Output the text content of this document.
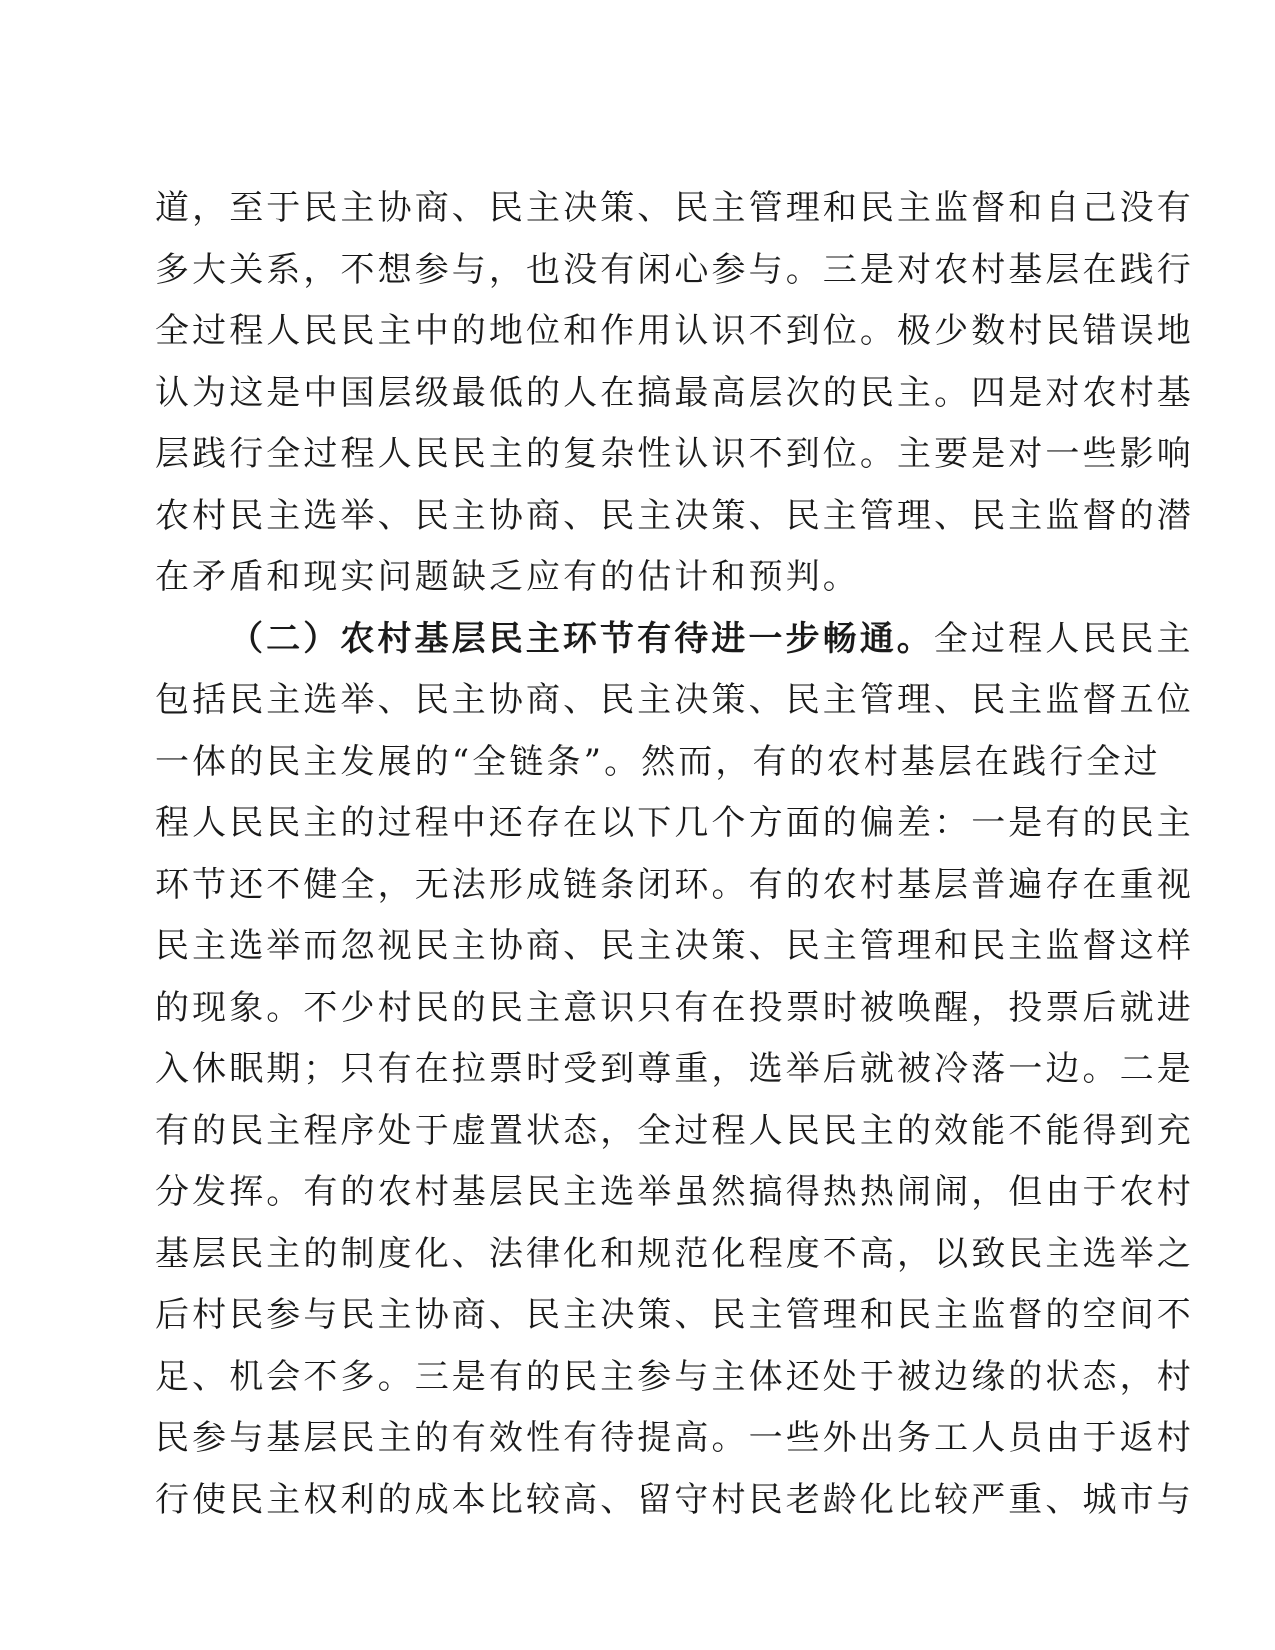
道，至于民主协商、民主决策、民主管理和民主监督和自己没有
多大关系，不想参与，也没有闲心参与。三是对农村基层在践行
全过程人民民主中的地位和作用认识不到位。极少数村民错误地
认为这是中国层级最低的人在搞最高层次的民主。四是对农村基
层践行全过程人民民主的复杂性认识不到位。主要是对一些影响
农村民主选举、民主协商、民主决策、民主管理、民主监督的潜
在矛盾和现实问题缺乏应有的估计和预判。
（二）农村基层民主环节有待进一步畅通。全过程人民民主
包括民主选举、民主协商、民主决策、民主管理、民主监督五位
一体的民主发展的“全链条”。然而，有的农村基层在践行全过
程人民民主的过程中还存在以下几个方面的偏差：一是有的民主
环节还不健全，无法形成链条闭环。有的农村基层普遍存在重视
民主选举而忽视民主协商、民主决策、民主管理和民主监督这样
的现象。不少村民的民主意识只有在投票时被唤醒，投票后就进
入休眠期；只有在拉票时受到尊重，选举后就被冷落一边。二是
有的民主程序处于虚置状态，全过程人民民主的效能不能得到充
分发挥。有的农村基层民主选举虽然搞得热热闹闹，但由于农村
基层民主的制度化、法律化和规范化程度不高，以致民主选举之
后村民参与民主协商、民主决策、民主管理和民主监督的空间不
足、机会不多。三是有的民主参与主体还处于被边缘的状态，村
民参与基层民主的有效性有待提高。一些外出务工人员由于返村
行使民主权利的成本比较高、留守村民老龄化比较严重、城市与
